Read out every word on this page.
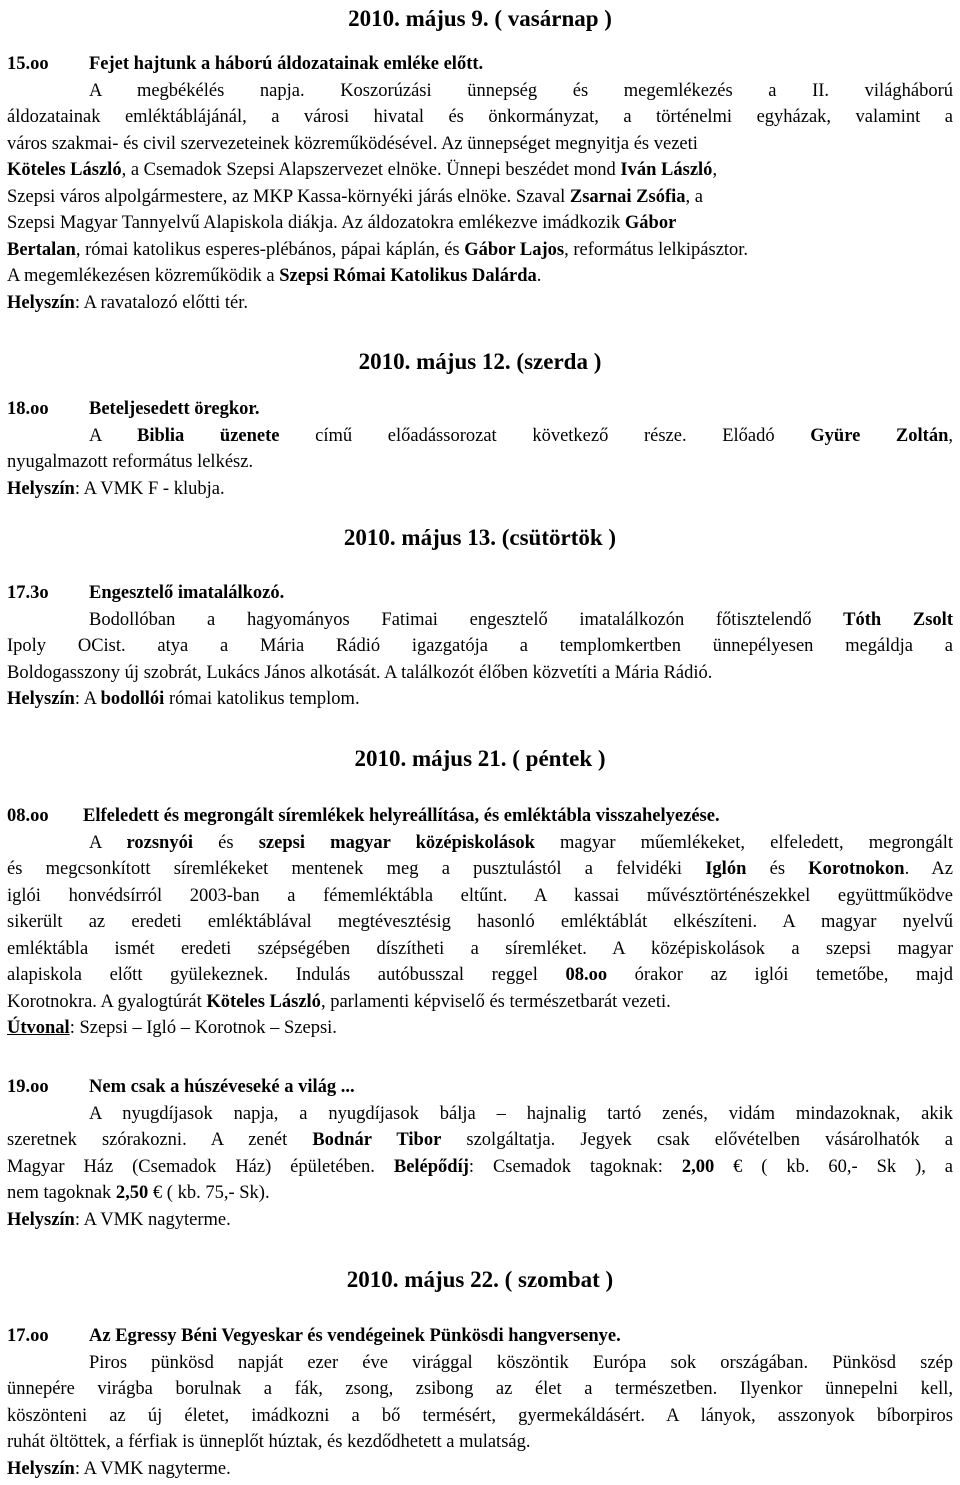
2010. május 9. ( vasárnap )
15.oo Fejet hajtunk a háború áldozatainak emléke előtt.
A megbékélés napja. Koszorúzási ünnepség és megemlékezés a II. világháború
áldozatainak emléktáblájánál, a városi hivatal és önkormányzat, a történelmi egyházak, valamint a
város szakmai- és civil szervezeteinek közreműködésével. Az ünnepséget megnyitja és vezeti
Köteles László, a Csemadok Szepsi Alapszervezet elnöke. Ünnepi beszédet mond Iván László,
Szepsi város alpolgármestere, az MKP Kassa-környéki járás elnöke. Szaval Zsarnai Zsófia, a
Szepsi Magyar Tannyelvű Alapiskola diákja. Az áldozatokra emlékezve imádkozik Gábor
Bertalan, római katolikus esperes-plébános, pápai káplán, és Gábor Lajos, református lelkipásztor.
A megemlékezésen közreműködik a Szepsi Római Katolikus Dalárda.
Helyszín: A ravatalozó előtti tér.
2010. május 12. (szerda )
18.oo Beteljesedett öregkor.
A Biblia üzenete című előadássorozat következő része. Előadó Gyüre Zoltán,
nyugalmazott református lelkész.
Helyszín: A VMK F - klubja.
2010. május 13. (csütörtök )
17.3o Engesztelő imatalálkozó.
Bodollóban a hagyományos Fatimai engesztelő imatalálkozón főtisztelendő Tóth Zsolt
Ipoly OCist. atya a Mária Rádió igazgatója a templomkertben ünnepélyesen megáldja a
Boldogasszony új szobrát, Lukács János alkotását. A találkozót élőben közvetíti a Mária Rádió.
Helyszín: A bodollói római katolikus templom.
2010. május 21. ( péntek )
08.oo Elfeledett és megrongált síremlékek helyreállítása, és emléktábla visszahelyezése.
A rozsnyói és szepsi magyar középiskolások magyar műemlékeket, elfeledett, megrongált
és megcsonkított síremlékeket mentenek meg a pusztulástól a felvidéki Iglón és Korotnokon. Az
iglói honvédsírról 2003-ban a fémemléktábla eltűnt. A kassai művésztörténészekkel együttműködve
sikerült az eredeti emléktáblával megtévesztésig hasonló emléktáblát elkészíteni. A magyar nyelvű
emléktábla ismét eredeti szépségében díszítheti a síremléket. A középiskolások a szepsi magyar
alapiskola előtt gyülekeznek. Indulás autóbusszal reggel 08.oo órakor az iglói temetőbe, majd
Korotnokra. A gyalogtúrát Köteles László, parlamenti képviselő és természetbarát vezeti.
Útvonal: Szepsi – Igló – Korotnok – Szepsi.
19.oo Nem csak a húszéveseké a világ ...
A nyugdíjasok napja, a nyugdíjasok bálja – hajnalig tartó zenés, vidám mindazoknak, akik
szeretnek szórakozni. A zenét Bodnár Tibor szolgáltatja. Jegyek csak elővételben vásárolhatók a
Magyar Ház (Csemadok Ház) épületében. Belépődíj: Csemadok tagoknak: 2,00 € ( kb. 60,- Sk ), a
nem tagoknak 2,50 € ( kb. 75,- Sk).
Helyszín: A VMK nagyterme.
2010. május 22. ( szombat )
17.oo Az Egressy Béni Vegyeskar és vendégeinek Pünkösdi hangversenye.
Piros pünkösd napját ezer éve virággal köszöntik Európa sok országában. Pünkösd szép
ünnepére virágba borulnak a fák, zsong, zsibong az élet a természetben. Ilyenkor ünnepelni kell,
köszönteni az új életet, imádkozni a bő termésért, gyermekáldásért. A lányok, asszonyok bíborpiros
ruhát öltöttek, a férfiak is ünneplőt húztak, és kezdődhetett a mulatság.
Helyszín: A VMK nagyterme.
